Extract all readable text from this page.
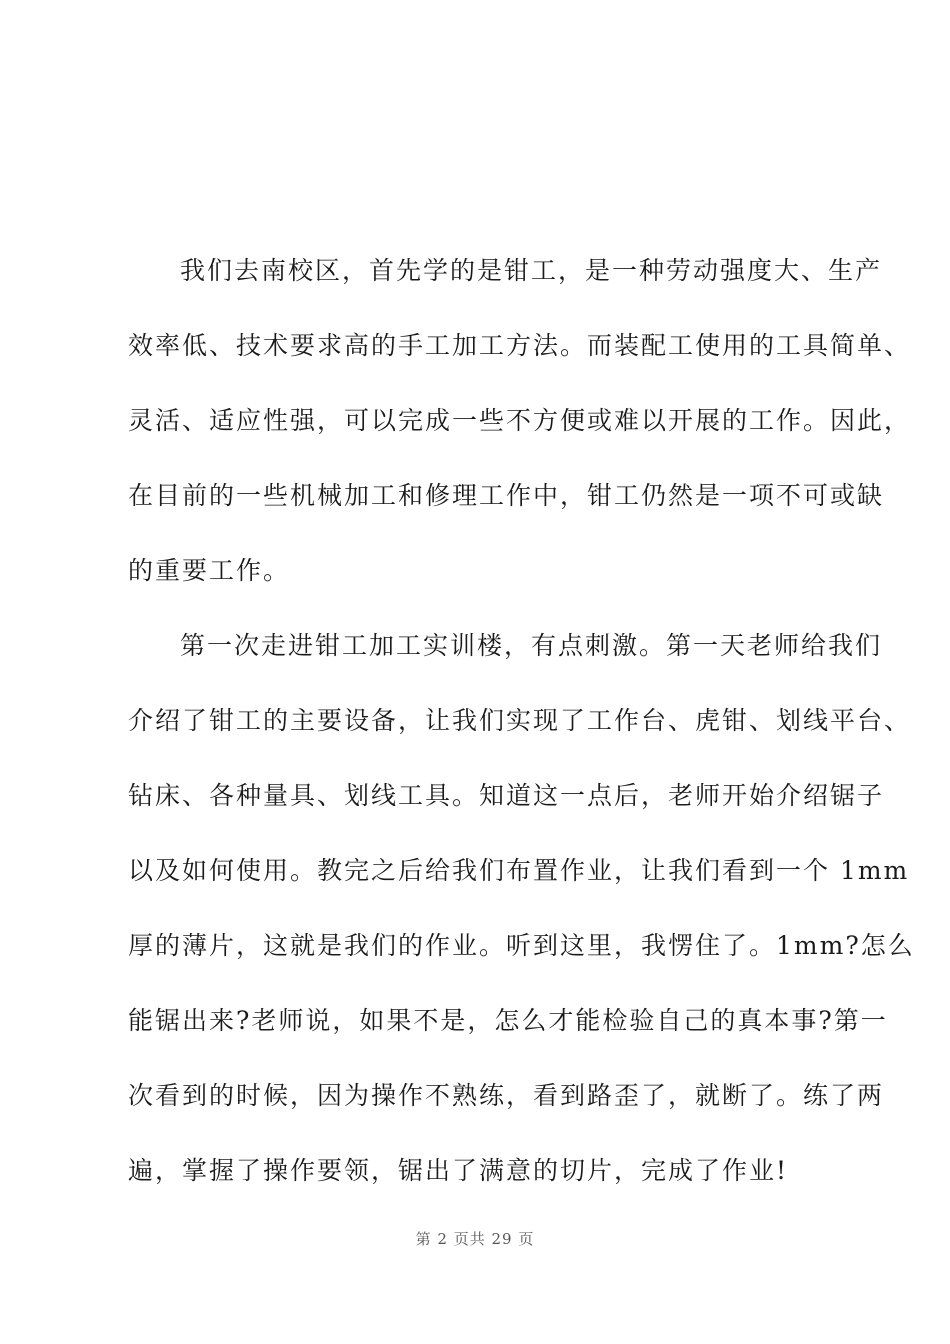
我们去南校区，首先学的是钳工，是一种劳动强度大、生产
效率低、技术要求高的手工加工方法。而装配工使用的工具简单、
灵活、适应性强，可以完成一些不方便或难以开展的工作。因此，
在目前的一些机械加工和修理工作中，钳工仍然是一项不可或缺
的重要工作。
第一次走进钳工加工实训楼，有点刺激。第一天老师给我们
介绍了钳工的主要设备，让我们实现了工作台、虎钳、划线平台、
钻床、各种量具、划线工具。知道这一点后，老师开始介绍锯子
以及如何使用。教完之后给我们布置作业，让我们看到一个 1mm
厚的薄片，这就是我们的作业。听到这里，我愣住了。1mm?怎么
能锯出来?老师说，如果不是，怎么才能检验自己的真本事?第一
次看到的时候，因为操作不熟练，看到路歪了，就断了。练了两
遍，掌握了操作要领，锯出了满意的切片，完成了作业!
第 2 页共 29 页
